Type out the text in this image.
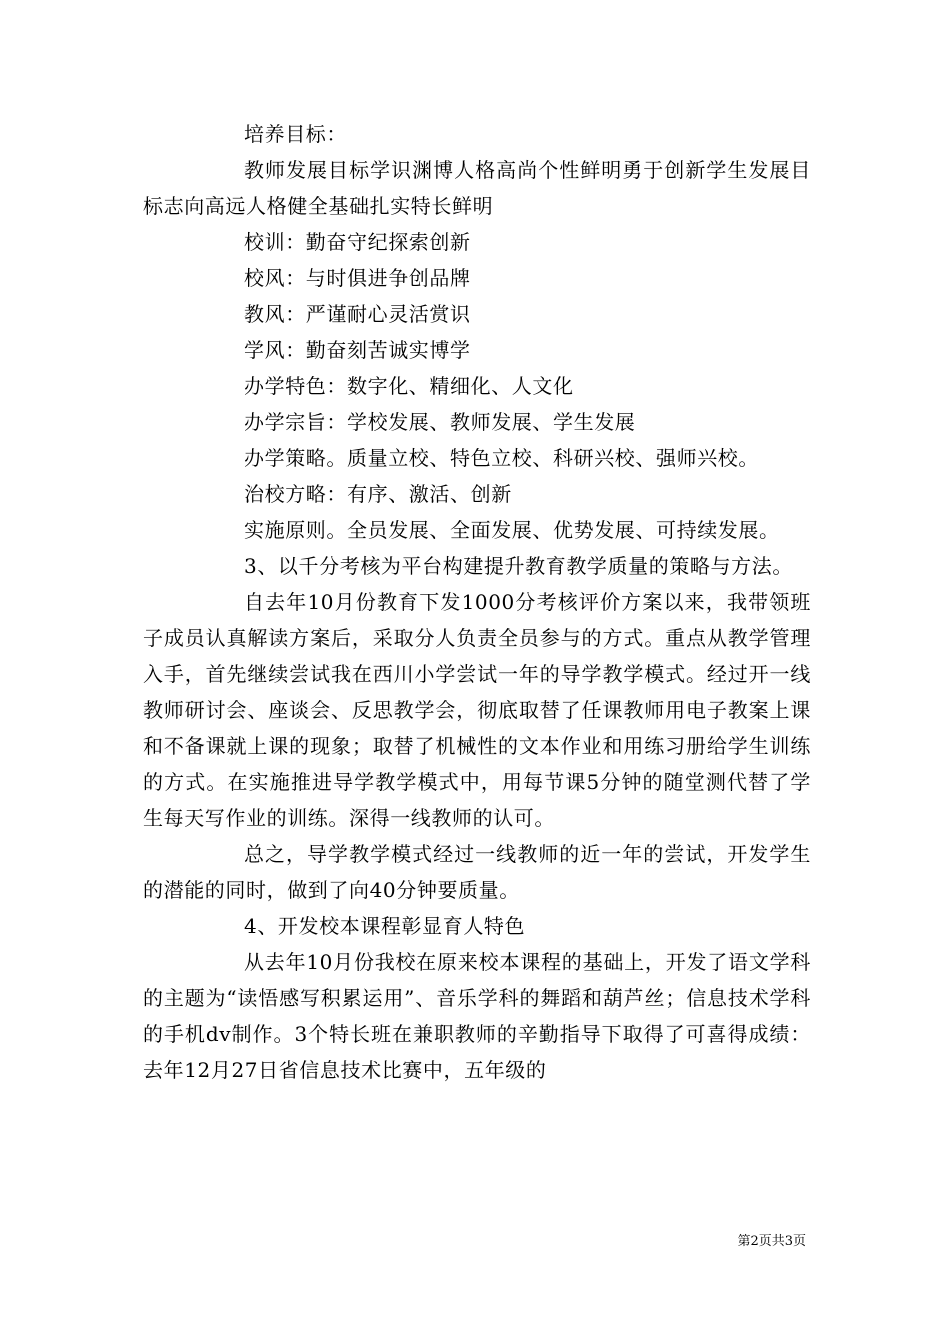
培养目标：

教师发展目标学识渊博人格高尚个性鲜明勇于创新学生发展目标志向高远人格健全基础扎实特长鲜明

校训：勤奋守纪探索创新

校风：与时俱进争创品牌

教风：严谨耐心灵活赏识

学风：勤奋刻苦诚实博学

办学特色：数字化、精细化、人文化

办学宗旨：学校发展、教师发展、学生发展

办学策略。质量立校、特色立校、科研兴校、强师兴校。

治校方略：有序、激活、创新

实施原则。全员发展、全面发展、优势发展、可持续发展。

3、以千分考核为平台构建提升教育教学质量的策略与方法。

自去年10月份教育下发1000分考核评价方案以来，我带领班子成员认真解读方案后，采取分人负责全员参与的方式。重点从教学管理入手，首先继续尝试我在西川小学尝试一年的导学教学模式。经过开一线教师研讨会、座谈会、反思教学会，彻底取替了任课教师用电子教案上课和不备课就上课的现象；取替了机械性的文本作业和用练习册给学生训练的方式。在实施推进导学教学模式中，用每节课5分钟的随堂测代替了学生每天写作业的训练。深得一线教师的认可。

总之，导学教学模式经过一线教师的近一年的尝试，开发学生的潜能的同时，做到了向40分钟要质量。

4、开发校本课程彰显育人特色

从去年10月份我校在原来校本课程的基础上，开发了语文学科的主题为“读悟感写积累运用”、音乐学科的舞蹈和葫芦丝；信息技术学科的手机dv制作。3个特长班在兼职教师的辛勤指导下取得了可喜得成绩：去年12月27日省信息技术比赛中，五年级的

第2页共3页
